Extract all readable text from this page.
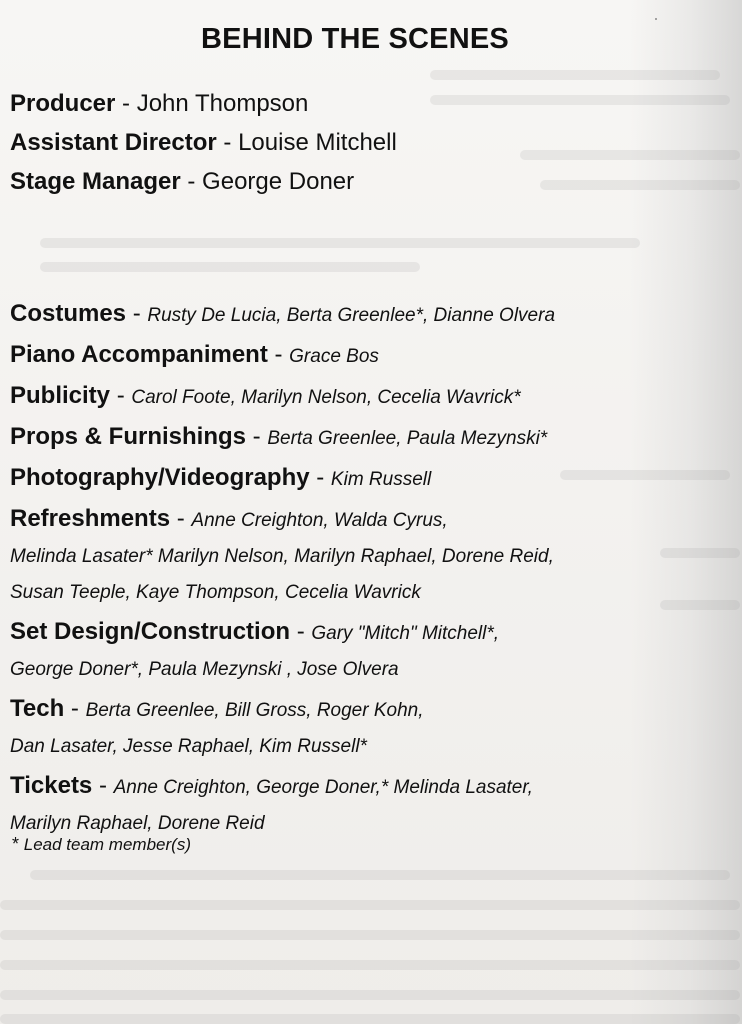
BEHIND THE SCENES
Producer - John Thompson
Assistant Director - Louise Mitchell
Stage Manager - George Doner
Costumes - Rusty De Lucia, Berta Greenlee*, Dianne Olvera
Piano Accompaniment - Grace Bos
Publicity - Carol Foote, Marilyn Nelson, Cecelia Wavrick*
Props & Furnishings - Berta Greenlee, Paula Mezynski*
Photography/Videography - Kim Russell
Refreshments - Anne Creighton, Walda Cyrus,
Melinda Lasater* Marilyn Nelson, Marilyn Raphael, Dorene Reid,
Susan Teeple, Kaye Thompson, Cecelia Wavrick
Set Design/Construction - Gary "Mitch" Mitchell*,
George Doner*, Paula Mezynski , Jose Olvera
Tech - Berta Greenlee, Bill Gross, Roger Kohn,
Dan Lasater, Jesse Raphael, Kim Russell*
Tickets - Anne Creighton, George Doner,* Melinda Lasater,
Marilyn Raphael, Dorene Reid
* Lead team member(s)
